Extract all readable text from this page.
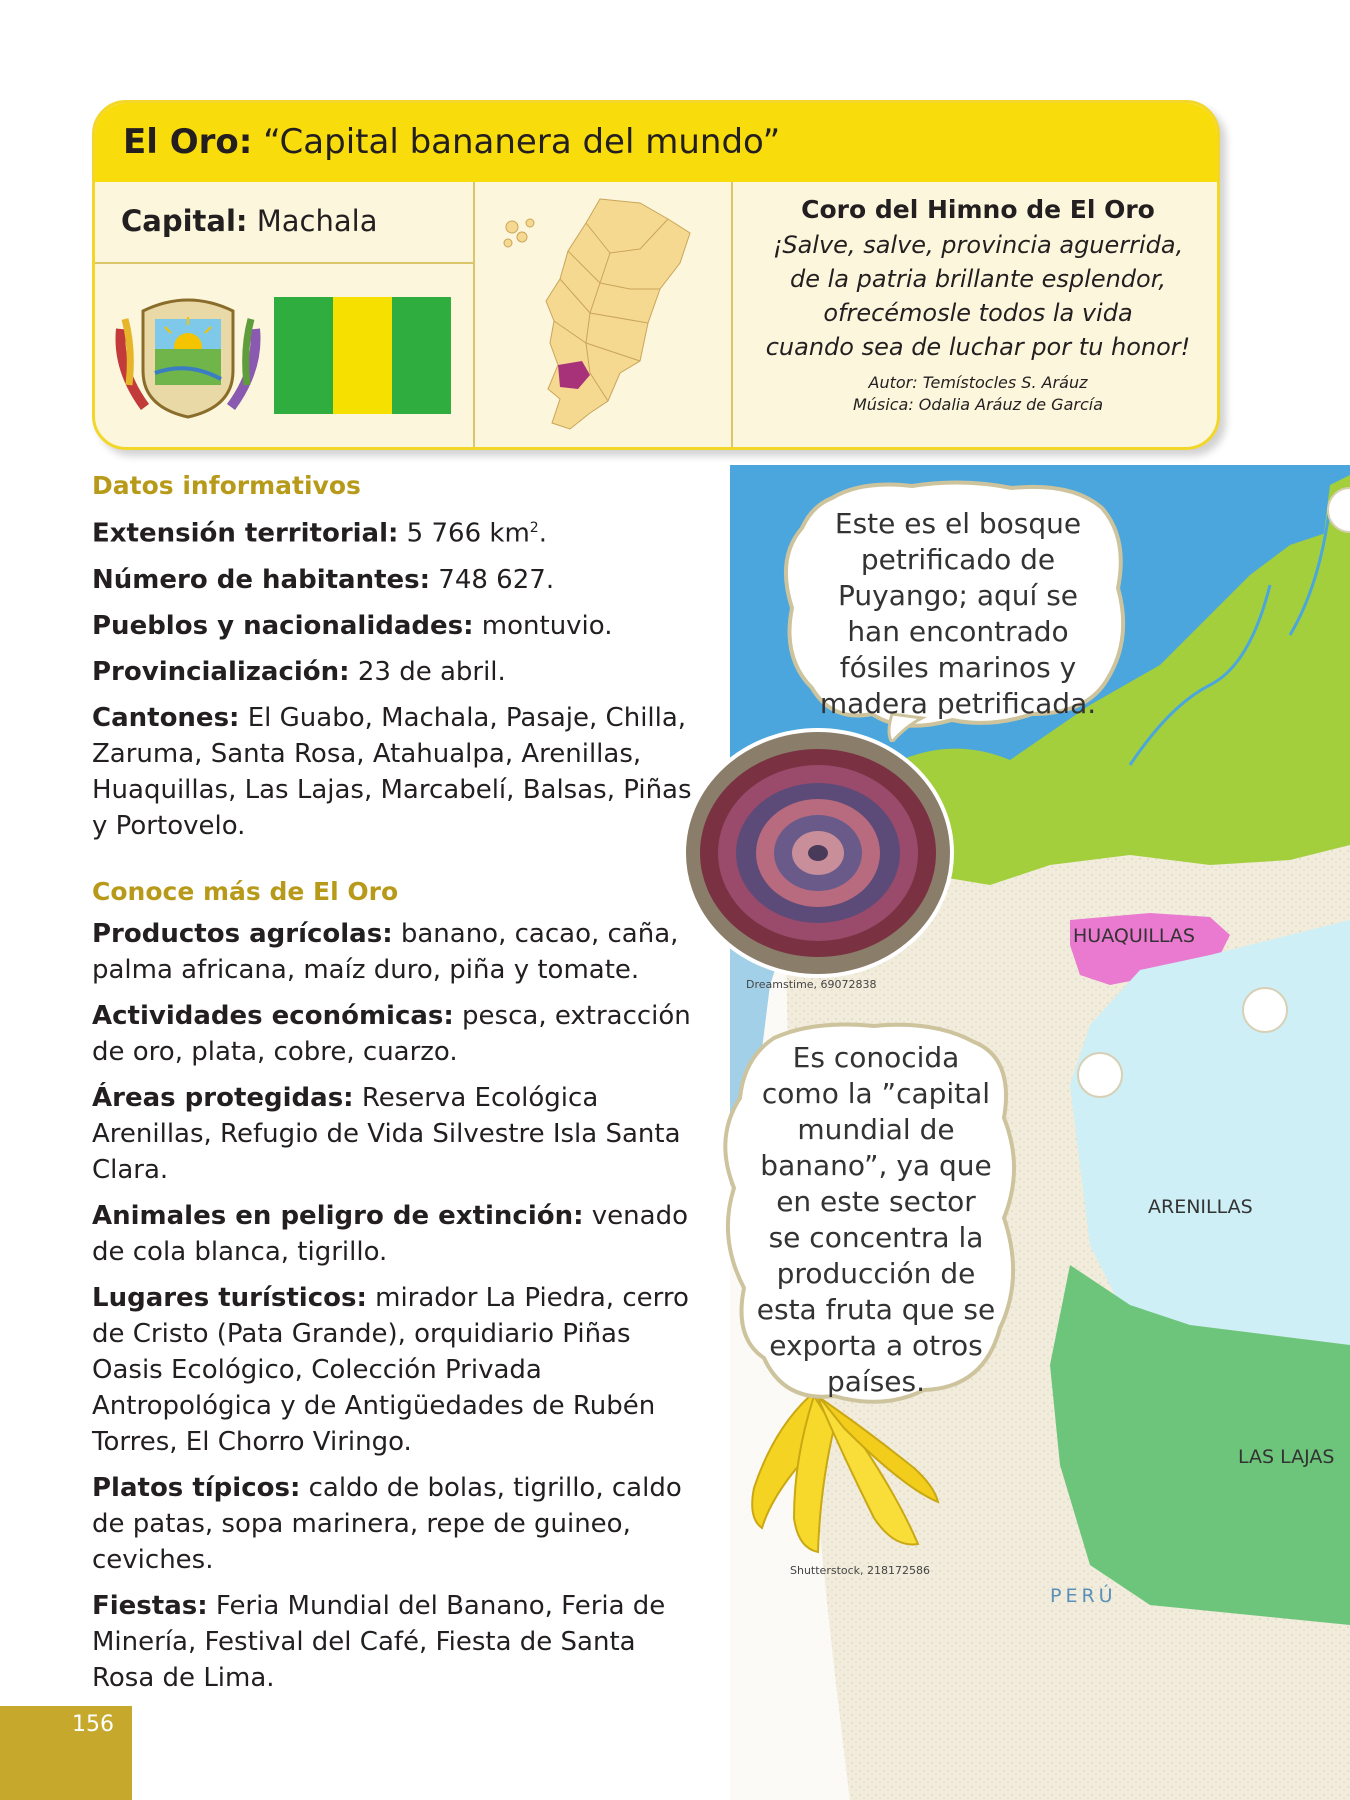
El Oro: “Capital bananera del mundo”
Capital: Machala	Coro del Himno de El Oro
¡Salve, salve, provincia aguerrida,
de la patria brillante esplendor,
ofrecémosle todos la vida
cuando sea de luchar por tu honor!
Autor: Temístocles S. Aráuz
Música: Odalia Aráuz de García
HUAQUILLAS
ARENILLAS
LAS LAJAS
PERÚ
Dreamstime, 69072838
Shutterstock, 218172586
Este es el bosque
petrificado de
Puyango; aquí se
han encontrado
fósiles marinos y
madera petrificada.
Es conocida
como la ”capital
mundial de
banano”, ya que
en este sector
se concentra la
producción de
esta fruta que se
exporta a otros
países.
Datos informativos

Extensión territorial: 5 766 $km^2$.

Número de habitantes: 748 627.

Pueblos y nacionalidades: montuvio.

Provincialización: 23 de abril.

Cantones: El Guabo, Machala, Pasaje, Chilla, Zaruma, Santa Rosa, Atahualpa, Arenillas, Huaquillas, Las Lajas, Marcabelí, Balsas, Piñas y Portovelo.

Conoce más de El Oro

Productos agrícolas: banano, cacao, caña, palma africana, maíz duro, piña y tomate.

Actividades económicas: pesca, extracción de oro, plata, cobre, cuarzo.

Áreas protegidas: Reserva Ecológica Arenillas, Refugio de Vida Silvestre Isla Santa Clara.

Animales en peligro de extinción: venado de cola blanca, tigrillo.

Lugares turísticos: mirador La Piedra, cerro de Cristo (Pata Grande), orquidiario Piñas Oasis Ecológico, Colección Privada Antropológica y de Antigüedades de Rubén Torres, El Chorro Viringo.

Platos típicos: caldo de bolas, tigrillo, caldo de patas, sopa marinera, repe de guineo, ceviches.

Fiestas: Feria Mundial del Banano, Feria de Minería, Festival del Café, Fiesta de Santa Rosa de Lima.

156
